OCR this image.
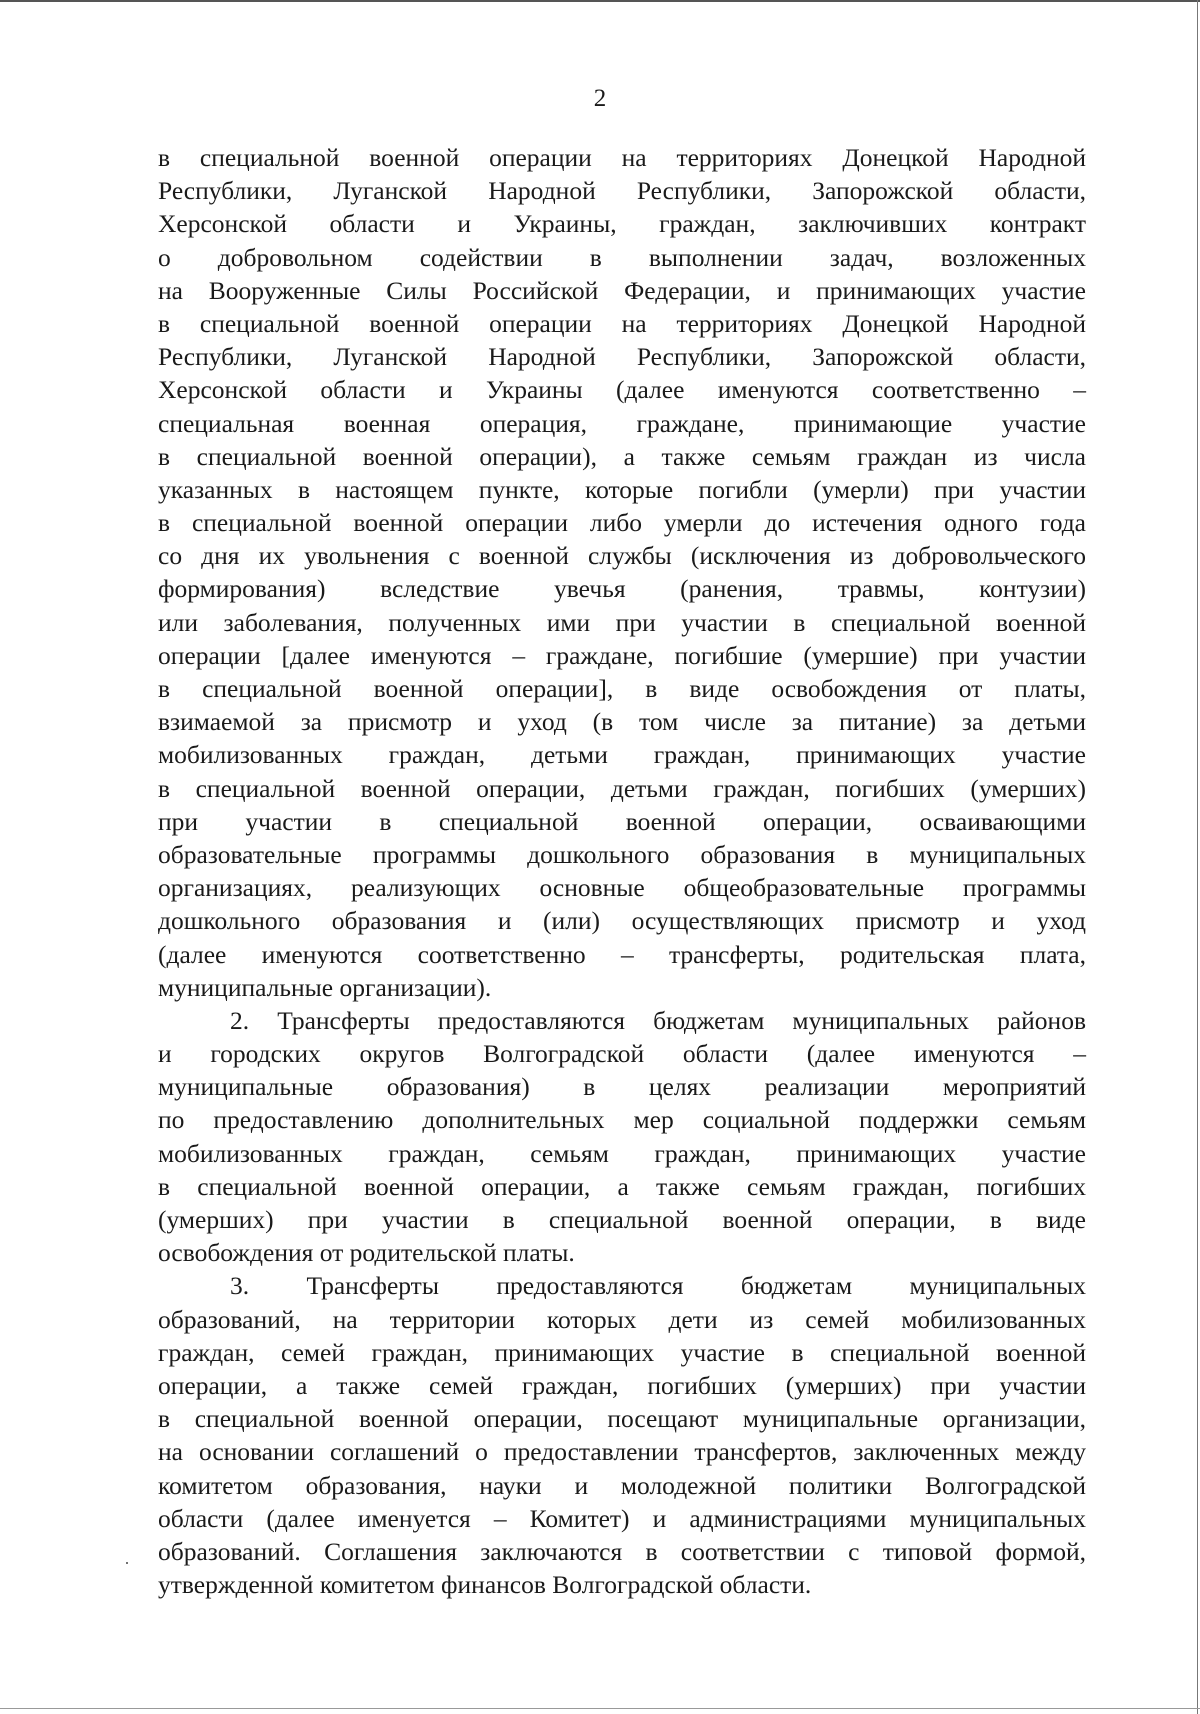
2

в специальной военной операции на территориях Донецкой Народной
Республики, Луганской Народной Республики, Запорожской области,
Херсонской области и Украины, граждан, заключивших контракт
о добровольном содействии в выполнении задач, возложенных
на Вооруженные Силы Российской Федерации, и принимающих участие
в специальной военной операции на территориях Донецкой Народной
Республики, Луганской Народной Республики, Запорожской области,
Херсонской области и Украины (далее именуются соответственно –
специальная военная операция, граждане, принимающие участие
в специальной военной операции), а также семьям граждан из числа
указанных в настоящем пункте, которые погибли (умерли) при участии
в специальной военной операции либо умерли до истечения одного года
со дня их увольнения с военной службы (исключения из добровольческого
формирования) вследствие увечья (ранения, травмы, контузии)
или заболевания, полученных ими при участии в специальной военной
операции [далее именуются – граждане, погибшие (умершие) при участии
в специальной военной операции], в виде освобождения от платы,
взимаемой за присмотр и уход (в том числе за питание) за детьми
мобилизованных граждан, детьми граждан, принимающих участие
в специальной военной операции, детьми граждан, погибших (умерших)
при участии в специальной военной операции, осваивающими
образовательные программы дошкольного образования в муниципальных
организациях, реализующих основные общеобразовательные программы
дошкольного образования и (или) осуществляющих присмотр и уход
(далее именуются соответственно – трансферты, родительская плата,
муниципальные организации).

2. Трансферты предоставляются бюджетам муниципальных районов
и городских округов Волгоградской области (далее именуются –
муниципальные образования) в целях реализации мероприятий
по предоставлению дополнительных мер социальной поддержки семьям
мобилизованных граждан, семьям граждан, принимающих участие
в специальной военной операции, а также семьям граждан, погибших
(умерших) при участии в специальной военной операции, в виде
освобождения от родительской платы.

3. Трансферты предоставляются бюджетам муниципальных
образований, на территории которых дети из семей мобилизованных
граждан, семей граждан, принимающих участие в специальной военной
операции, а также семей граждан, погибших (умерших) при участии
в специальной военной операции, посещают муниципальные организации,
на основании соглашений о предоставлении трансфертов, заключенных между
комитетом образования, науки и молодежной политики Волгоградской
области (далее именуется – Комитет) и администрациями муниципальных
образований. Соглашения заключаются в соответствии с типовой формой,
утвержденной комитетом финансов Волгоградской области.
